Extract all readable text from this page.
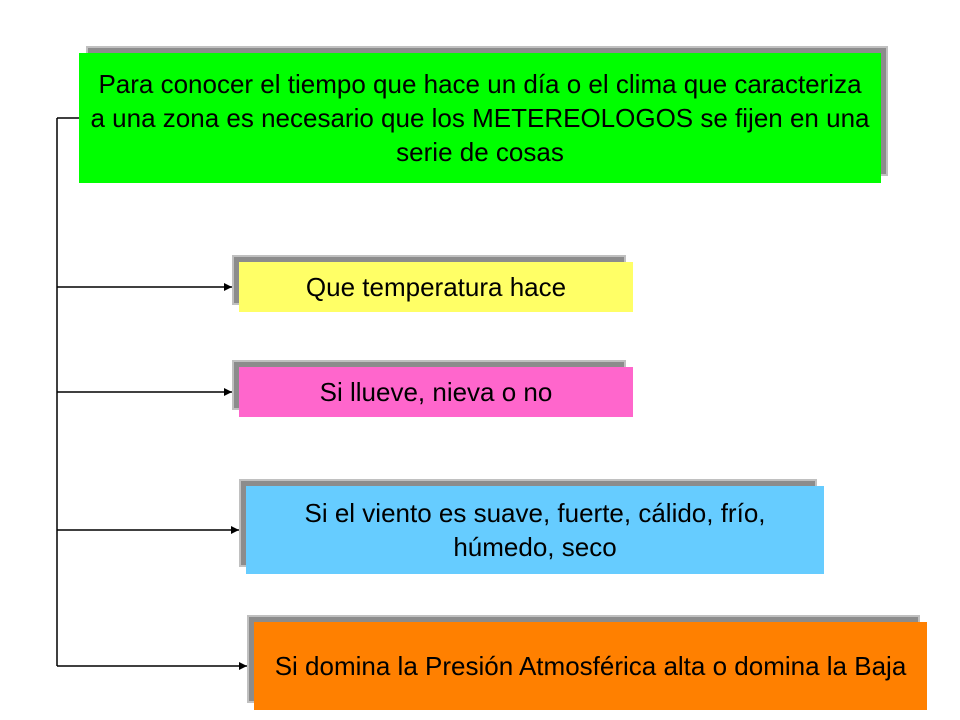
Para conocer el tiempo que hace un día o el clima que caracteriza a una zona es necesario que los METEREOLOGOS se fijen en una serie de cosas
Que temperatura hace
Si llueve, nieva o no
Si el viento es suave, fuerte, cálido, frío, húmedo, seco
Si domina la Presión Atmosférica alta o domina la Baja
